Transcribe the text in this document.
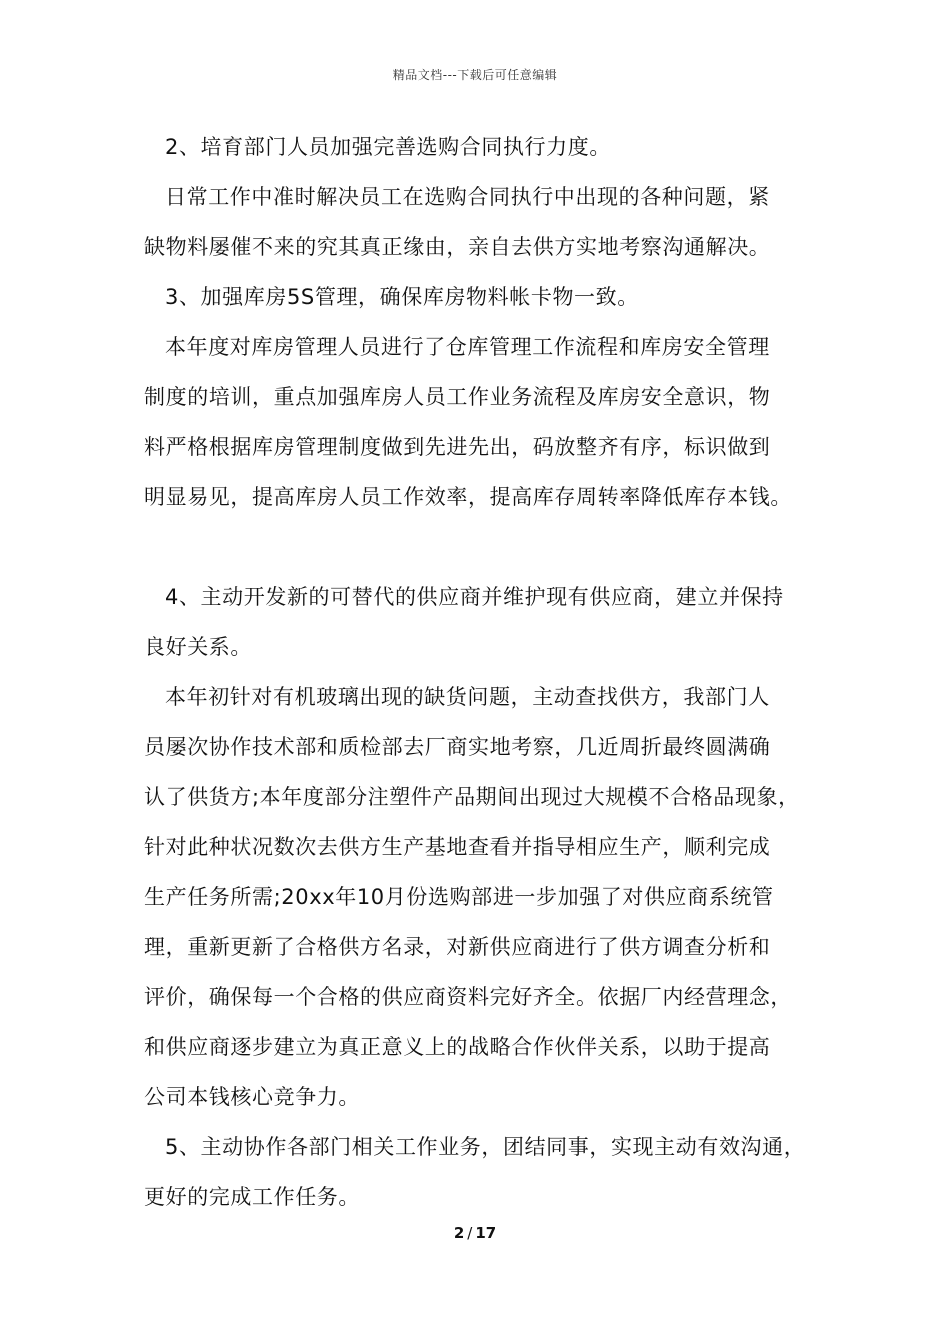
精品文档---下载后可任意编辑
2、培育部门人员加强完善选购合同执行力度。
日常工作中准时解决员工在选购合同执行中出现的各种问题，紧
缺物料屡催不来的究其真正缘由，亲自去供方实地考察沟通解决。
3、加强库房5S管理，确保库房物料帐卡物一致。
本年度对库房管理人员进行了仓库管理工作流程和库房安全管理
制度的培训，重点加强库房人员工作业务流程及库房安全意识，物
料严格根据库房管理制度做到先进先出，码放整齐有序，标识做到
明显易见，提高库房人员工作效率，提高库存周转率降低库存本钱。
4、主动开发新的可替代的供应商并维护现有供应商，建立并保持
良好关系。
本年初针对有机玻璃出现的缺货问题，主动查找供方，我部门人
员屡次协作技术部和质检部去厂商实地考察，几近周折最终圆满确
认了供货方;本年度部分注塑件产品期间出现过大规模不合格品现象，
针对此种状况数次去供方生产基地查看并指导相应生产，顺利完成
生产任务所需;20xx年10月份选购部进一步加强了对供应商系统管
理，重新更新了合格供方名录，对新供应商进行了供方调查分析和
评价，确保每一个合格的供应商资料完好齐全。依据厂内经营理念，
和供应商逐步建立为真正意义上的战略合作伙伴关系，以助于提高
公司本钱核心竞争力。
5、主动协作各部门相关工作业务，团结同事，实现主动有效沟通，
更好的完成工作任务。
2 / 17
